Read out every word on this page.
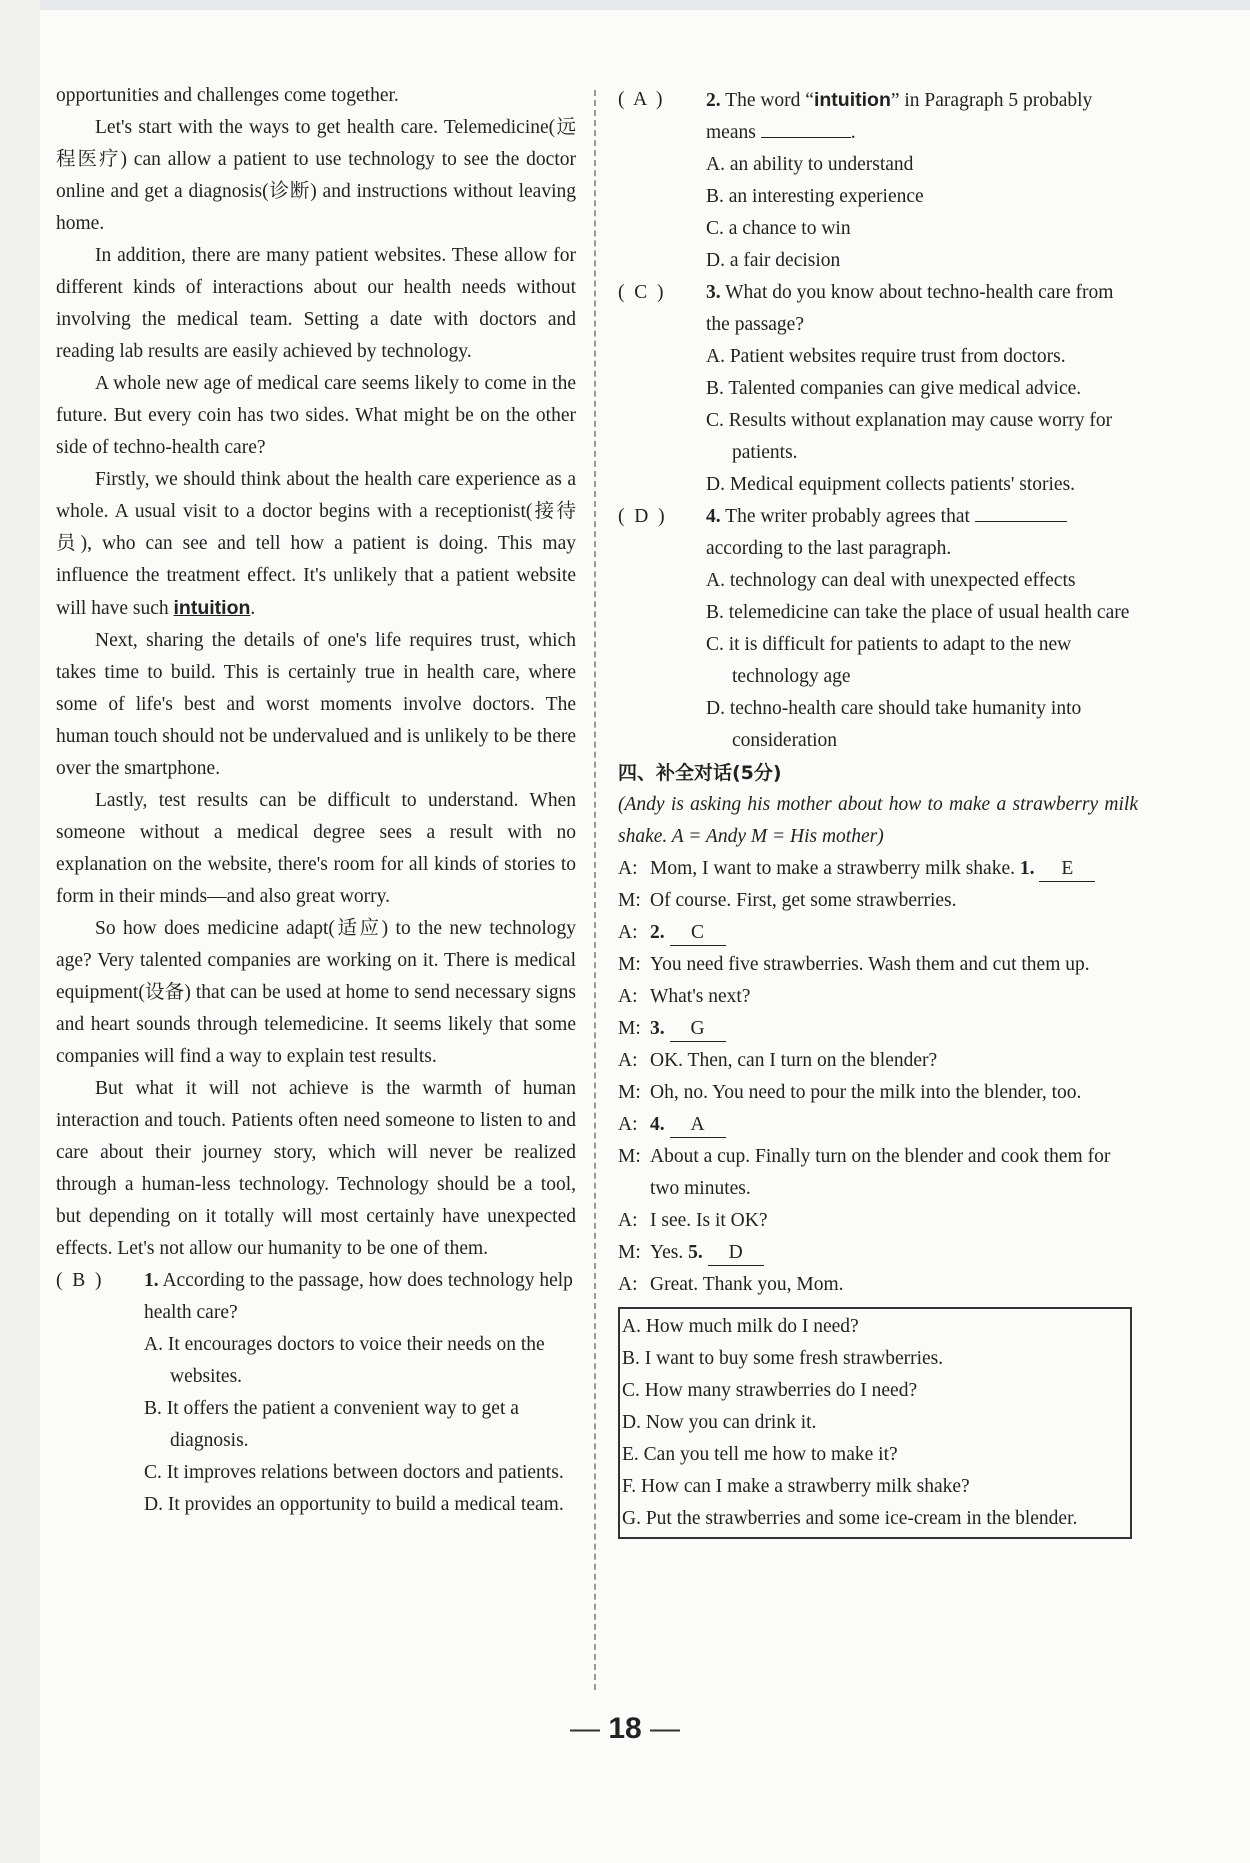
opportunities and challenges come together.

Let's start with the ways to get health care. Telemedicine(远程医疗) can allow a patient to use technology to see the doctor online and get a diagnosis(诊断) and instructions without leaving home.

In addition, there are many patient websites. These allow for different kinds of interactions about our health needs without involving the medical team. Setting a date with doctors and reading lab results are easily achieved by technology.

A whole new age of medical care seems likely to come in the future. But every coin has two sides. What might be on the other side of techno-health care?

Firstly, we should think about the health care experience as a whole. A usual visit to a doctor begins with a receptionist(接待员), who can see and tell how a patient is doing. This may influence the treatment effect. It's unlikely that a patient website will have such intuition.

Next, sharing the details of one's life requires trust, which takes time to build. This is certainly true in health care, where some of life's best and worst moments involve doctors. The human touch should not be undervalued and is unlikely to be there over the smartphone.

Lastly, test results can be difficult to understand. When someone without a medical degree sees a result with no explanation on the website, there's room for all kinds of stories to form in their minds—and also great worry.

So how does medicine adapt(适应) to the new technology age? Very talented companies are working on it. There is medical equipment(设备) that can be used at home to send necessary signs and heart sounds through telemedicine. It seems likely that some companies will find a way to explain test results.

But what it will not achieve is the warmth of human interaction and touch. Patients often need someone to listen to and care about their journey story, which will never be realized through a human-less technology. Technology should be a tool, but depending on it totally will most certainly have unexpected effects. Let's not allow our humanity to be one of them.

(  B  ) 1. According to the passage, how does technology help health care?
A. It encourages doctors to voice their needs on the websites.
B. It offers the patient a convenient way to get a diagnosis.
C. It improves relations between doctors and patients.
D. It provides an opportunity to build a medical team.
(  A  ) 2. The word “intuition” in Paragraph 5 probably means	.
A. an ability to understand
B. an interesting experience
C. a chance to win
D. a fair decision
(  C  ) 3. What do you know about techno-health care from the passage?
A. Patient websites require trust from doctors.
B. Talented companies can give medical advice.
C. Results without explanation may cause worry for patients.
D. Medical equipment collects patients' stories.
(  D  ) 4. The writer probably agrees that  according to the last paragraph.
A. technology can deal with unexpected effects
B. telemedicine can take the place of usual health care
C. it is difficult for patients to adapt to the new technology age
D. techno-health care should take humanity into consideration

四、补全对话(5分)

(Andy is asking his mother about how to make a strawberry milk shake. A = Andy M = His mother)

A: Mom, I want to make a strawberry milk shake. 1. E

M: Of course. First, get some strawberries.

A: 2. C

M: You need five strawberries. Wash them and cut them up.

A: What's next?

M: 3. G

A: OK. Then, can I turn on the blender?

M: Oh, no. You need to pour the milk into the blender, too.

A: 4. A

M: About a cup. Finally turn on the blender and cook them for two minutes.

A: I see. Is it OK?

M: Yes. 5. D

A: Great. Thank you, Mom.

A. How much milk do I need?

B. I want to buy some fresh strawberries.

C. How many strawberries do I need?

D. Now you can drink it.

E. Can you tell me how to make it?

F. How can I make a strawberry milk shake?

G. Put the strawberries and some ice-cream in the blender.

— 18 —
